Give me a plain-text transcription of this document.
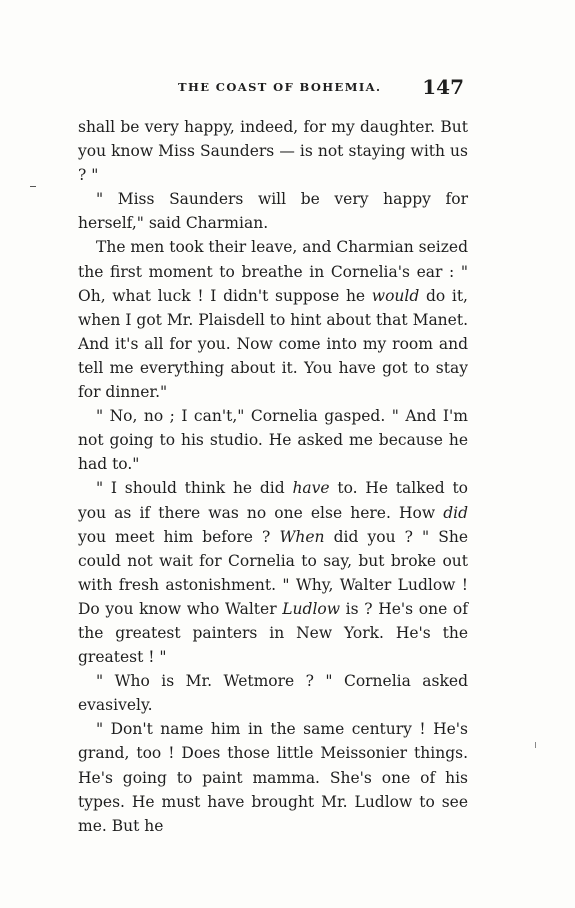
THE COAST OF BOHEMIA. 147

shall be very happy, indeed, for my daughter. But you know Miss Saunders — is not staying with us ? "

" Miss Saunders will be very happy for herself," said Charmian.

The men took their leave, and Charmian seized the first moment to breathe in Cornelia's ear : " Oh, what luck ! I didn't suppose he would do it, when I got Mr. Plaisdell to hint about that Manet. And it's all for you. Now come into my room and tell me everything about it. You have got to stay for dinner."

" No, no ; I can't," Cornelia gasped. " And I'm not going to his studio. He asked me because he had to."

" I should think he did have to. He talked to you as if there was no one else here. How did you meet him before ? When did you ? " She could not wait for Cornelia to say, but broke out with fresh astonishment. " Why, Walter Ludlow ! Do you know who Walter Ludlow is ? He's one of the greatest painters in New York. He's the greatest ! "

" Who is Mr. Wetmore ? " Cornelia asked evasively.

" Don't name him in the same century ! He's grand, too ! Does those little Meissonier things. He's going to paint mamma. She's one of his types. He must have brought Mr. Ludlow to see me. But he
